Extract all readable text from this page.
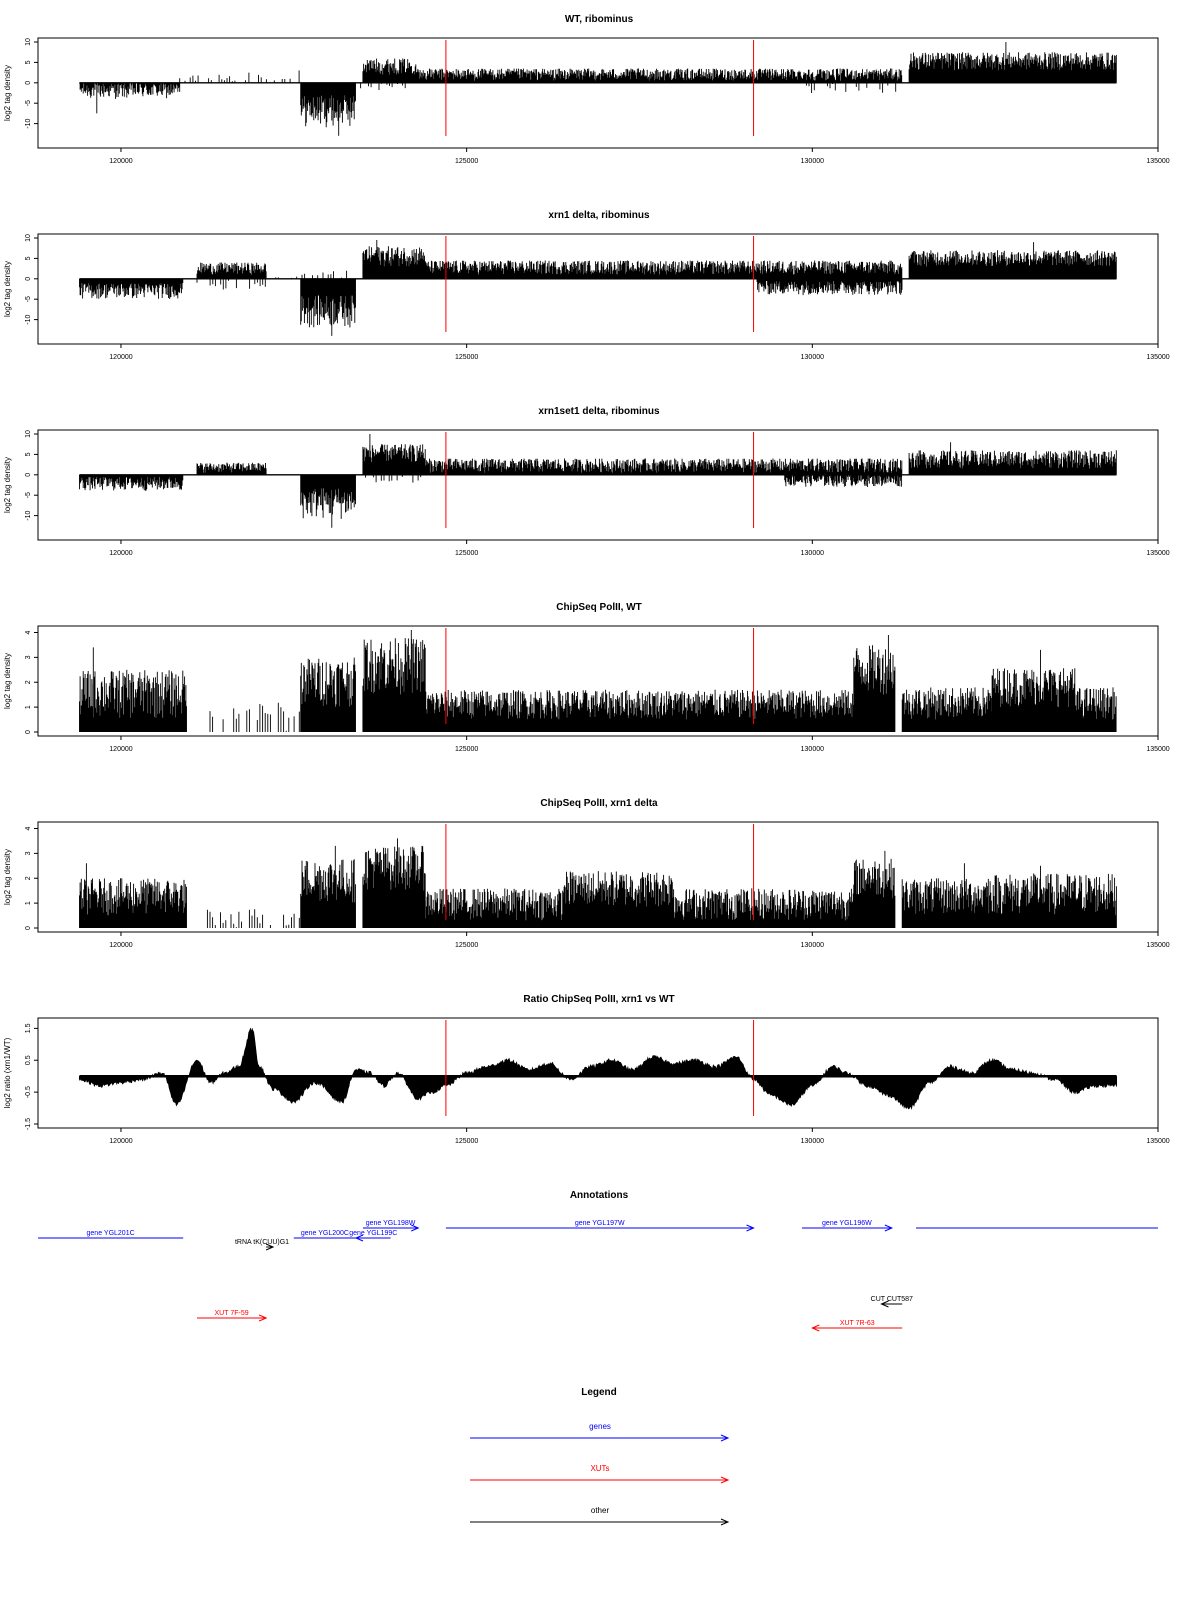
-10
-5
0
5
10
120000	125000	130000	135000
WT, ribominus
log2 tag density
-10
-5
0
5
10
120000	125000	130000	135000
xrn1 delta, ribominus
log2 tag density
-10
-5
0
5
10
120000	125000	130000	135000
xrn1set1 delta, ribominus
log2 tag density
0
1
2
3
4
120000	125000	130000	135000
ChipSeq PolII, WT
log2 tag density
0
1
2
3
4
120000	125000	130000	135000
ChipSeq PolII, xrn1 delta
log2 tag density
-1.5
-0.5
0.5
1.5
120000	125000	130000	135000
Ratio ChipSeq PolII, xrn1 vs WT
log2 ratio (xrn1/WT)
Annotations
gene YGL201C
tRNA tK(CUU)G1
gene YGL200C gene YGL199C
gene YGL198W	gene YGL197W	gene YGL196W
XUT 7F-59
CUT CUT587
XUT 7R-63
Legend
genes
XUTs
other
